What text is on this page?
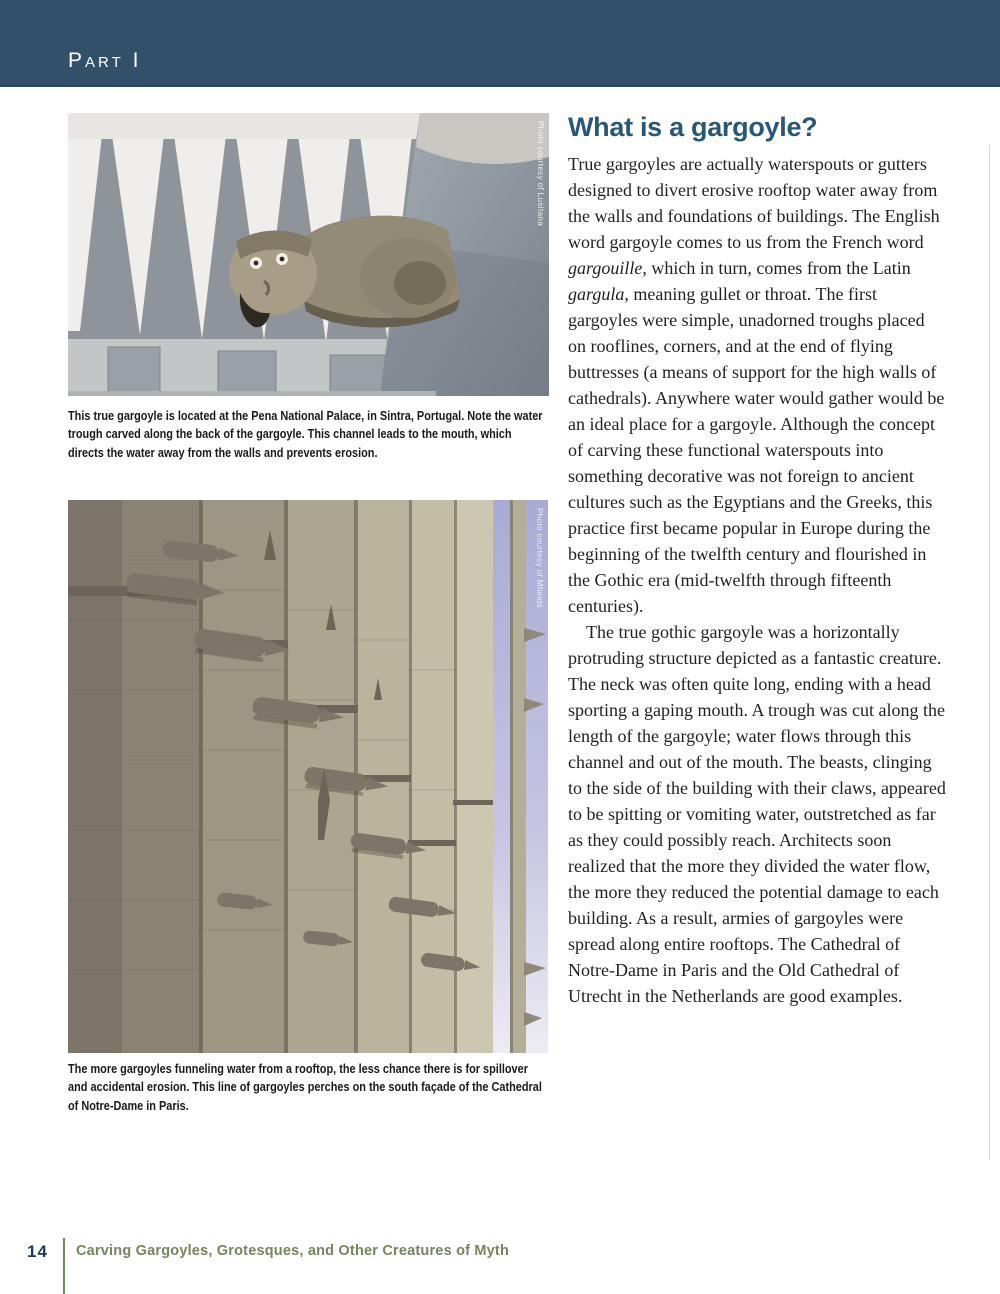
Part I
Photo courtesy of Lusitana
This true gargoyle is located at the Pena National Palace, in Sintra, Portugal. Note the water trough carved along the back of the gargoyle. This channel leads to the mouth, which directs the water away from the walls and prevents erosion.
Photo courtesy of Mfields
The more gargoyles funneling water from a rooftop, the less chance there is for spillover and accidental erosion. This line of gargoyles perches on the south façade of the Cathedral of Notre-Dame in Paris.
What is a gargoyle?

True gargoyles are actually waterspouts or gutters designed to divert erosive rooftop water away from the walls and foundations of buildings. The English word gargoyle comes to us from the French word gargouille, which in turn, comes from the Latin gargula, meaning gullet or throat. The first gargoyles were simple, unadorned troughs placed on rooflines, corners, and at the end of flying buttresses (a means of support for the high walls of cathedrals). Anywhere water would gather would be an ideal place for a gargoyle. Although the concept of carving these functional waterspouts into something decorative was not foreign to ancient cultures such as the Egyptians and the Greeks, this practice first became popular in Europe during the beginning of the twelfth century and flourished in the Gothic era (mid-twelfth through fifteenth centuries).

The true gothic gargoyle was a horizontally protruding structure depicted as a fantastic creature. The neck was often quite long, ending with a head sporting a gaping mouth. A trough was cut along the length of the gargoyle; water flows through this channel and out of the mouth. The beasts, clinging to the side of the building with their claws, appeared to be spitting or vomiting water, outstretched as far as they could possibly reach. Architects soon realized that the more they divided the water flow, the more they reduced the potential damage to each building. As a result, armies of gargoyles were spread along entire rooftops. The Cathedral of Notre-Dame in Paris and the Old Cathedral of Utrecht in the Netherlands are good examples.

14 Carving Gargoyles, Grotesques, and Other Creatures of Myth
